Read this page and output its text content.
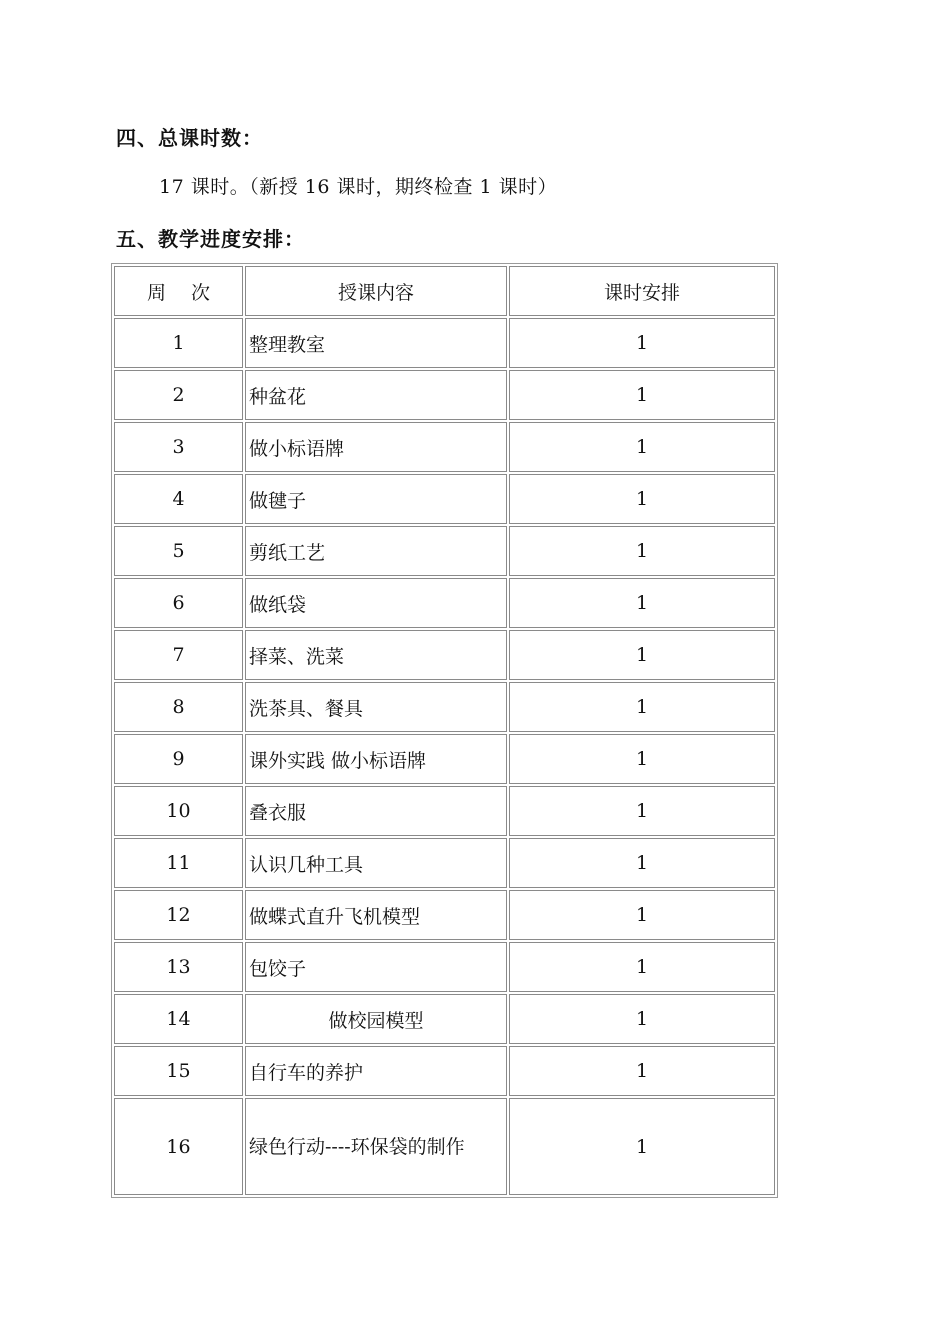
四、总课时数：
17 课时。（新授 16 课时，期终检查 1 课时）
五、教学进度安排：
周　 次	授课内容	课时安排
1	整理教室	1
2	种盆花	1
3	做小标语牌	1
4	做毽子	1
5	剪纸工艺	1
6	做纸袋	1
7	择菜、洗菜	1
8	洗茶具、餐具	1
9	课外实践 做小标语牌	1
10	叠衣服	1
11	认识几种工具	1
12	做蝶式直升飞机模型	1
13	包饺子	1
14	做校园模型	1
15	自行车的养护	1
16	绿色行动----环保袋的制作	1
